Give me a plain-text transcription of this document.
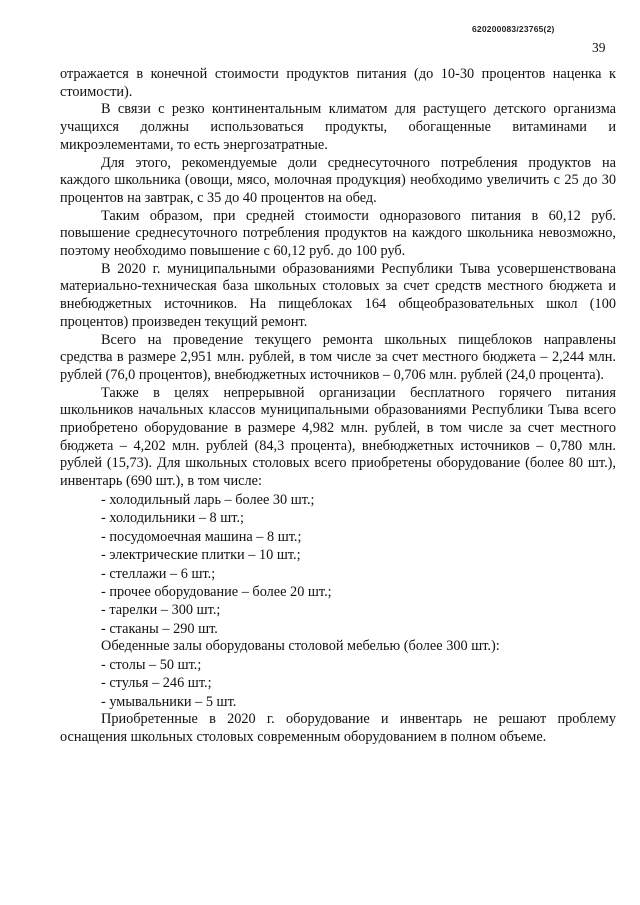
620200083/23765(2)
39

отражается в конечной стоимости продуктов питания (до 10-30 процентов наценка к стоимости).

В связи с резко континентальным климатом для растущего детского организма учащихся должны использоваться продукты, обогащенные витаминами и микроэлементами, то есть энергозатратные.

Для этого, рекомендуемые доли среднесуточного потребления продуктов на каждого школьника (овощи, мясо, молочная продукция) необходимо увеличить с 25 до 30 процентов на завтрак, с 35 до 40 процентов на обед.

Таким образом, при средней стоимости одноразового питания в 60,12 руб. повышение среднесуточного потребления продуктов на каждого школьника невозможно, поэтому необходимо повышение с 60,12 руб. до 100 руб.

В 2020 г. муниципальными образованиями Республики Тыва усовершенствована материально-техническая база школьных столовых за счет средств местного бюджета и внебюджетных источников. На пищеблоках 164 общеобразовательных школ (100 процентов) произведен текущий ремонт.

Всего на проведение текущего ремонта школьных пищеблоков направлены средства в размере 2,951 млн. рублей, в том числе за счет местного бюджета – 2,244 млн. рублей (76,0 процентов), внебюджетных источников – 0,706 млн. рублей (24,0 процента).

Также в целях непрерывной организации бесплатного горячего питания школьников начальных классов муниципальными образованиями Республики Тыва всего приобретено оборудование в размере 4,982 млн. рублей, в том числе за счет местного бюджета – 4,202 млн. рублей (84,3 процента), внебюджетных источников – 0,780 млн. рублей (15,73). Для школьных столовых всего приобретены оборудование (более 80 шт.), инвентарь (690 шт.), в том числе:

- холодильный ларь – более 30 шт.;

- холодильники – 8 шт.;

- посудомоечная машина – 8 шт.;

- электрические плитки – 10 шт.;

- стеллажи – 6 шт.;

- прочее оборудование – более 20 шт.;

- тарелки – 300 шт.;

- стаканы – 290 шт.

Обеденные залы оборудованы столовой мебелью (более 300 шт.):

- столы – 50 шт.;

- стулья – 246 шт.;

- умывальники – 5 шт.

Приобретенные в 2020 г. оборудование и инвентарь не решают проблему оснащения школьных столовых современным оборудованием в полном объеме.
